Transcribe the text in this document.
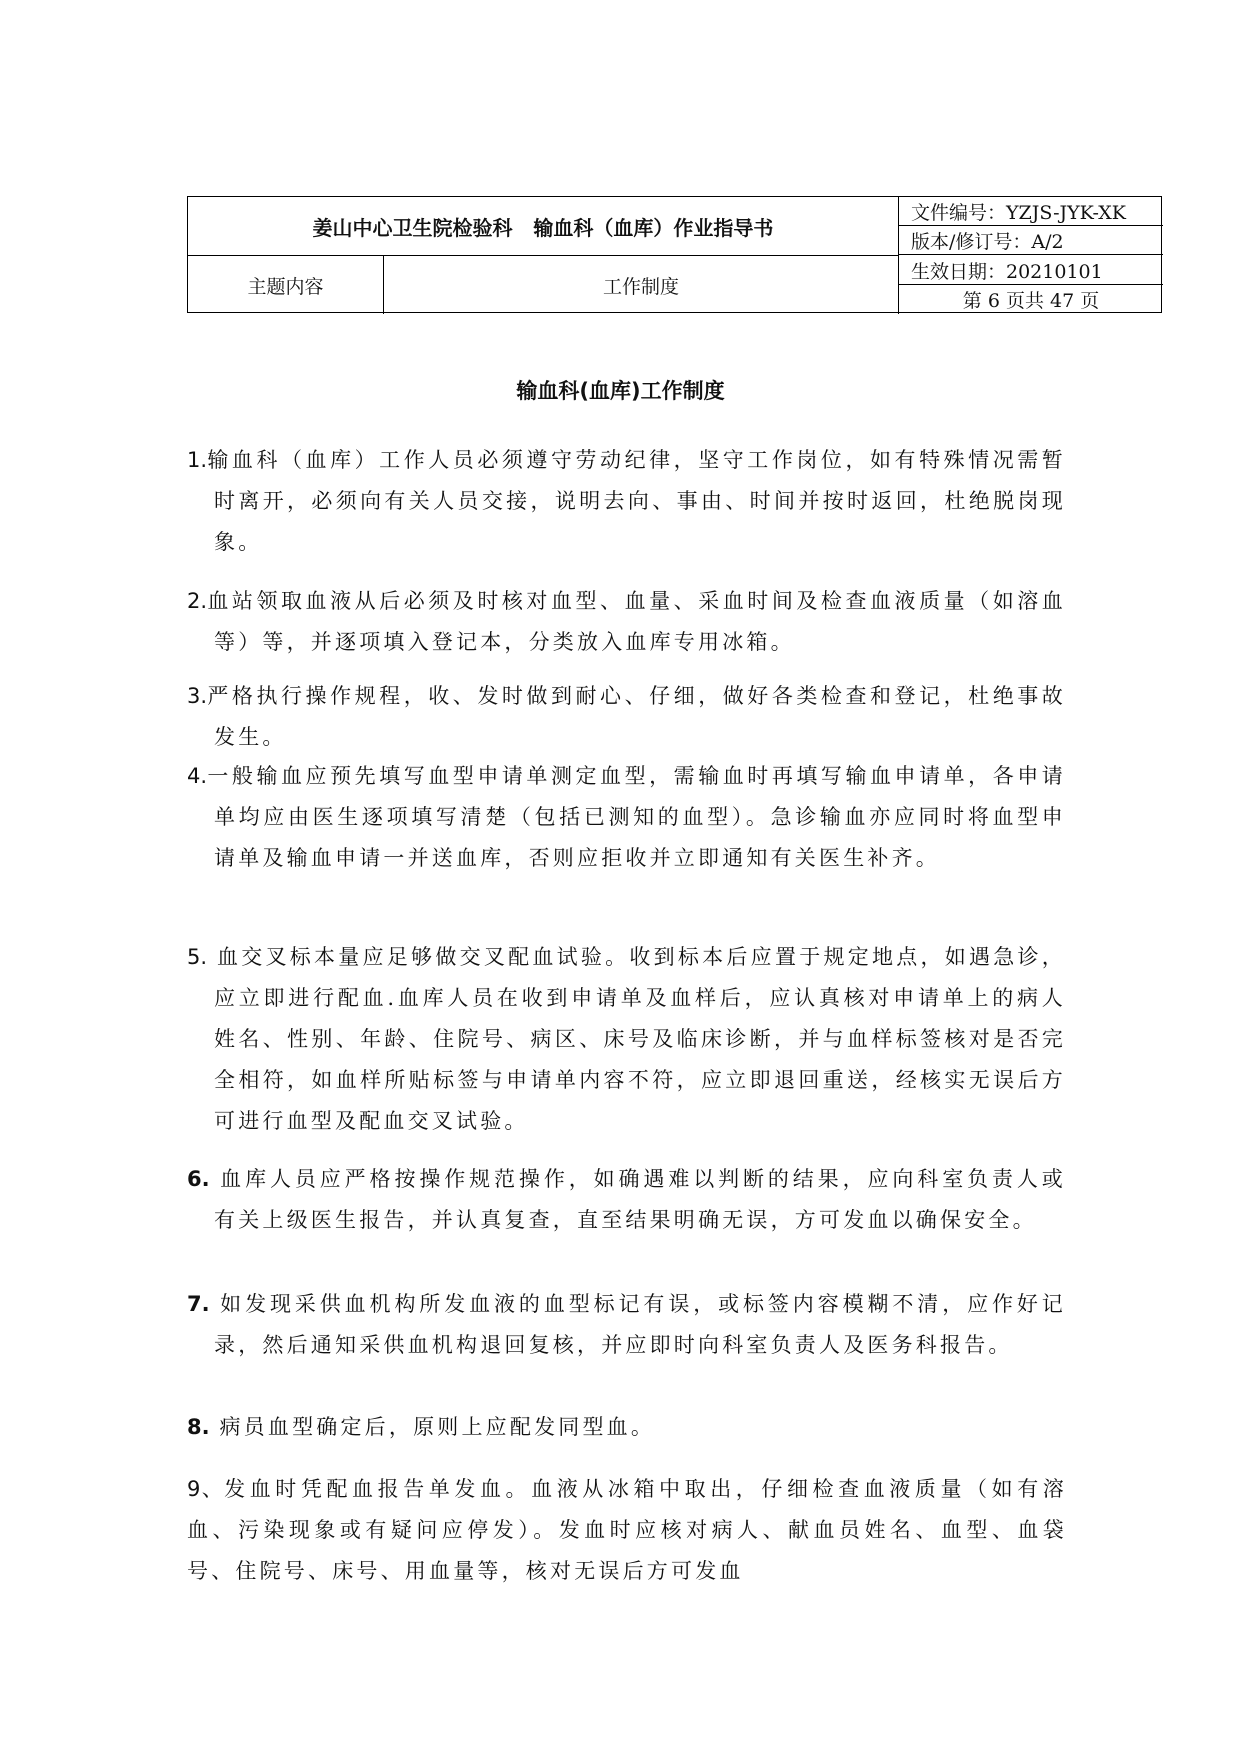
姜山中心卫生院检验科   输血科（血库）作业指导书
文件编号：YZJS-JYK-XK
版本/修订号：A/2
主题内容	工作制度
生效日期：20210101
第 6 页共 47 页
输血科(血库)工作制度
1.输血科（血库）工作人员必须遵守劳动纪律，坚守工作岗位，如有特殊情况需暂时离开，必须向有关人员交接，说明去向、事由、时间并按时返回，杜绝脱岗现象。
2.血站领取血液从后必须及时核对血型、血量、采血时间及检查血液质量（如溶血等）等，并逐项填入登记本，分类放入血库专用冰箱。
3.严格执行操作规程，收、发时做到耐心、仔细，做好各类检查和登记，杜绝事故发生。
4.一般输血应预先填写血型申请单测定血型，需输血时再填写输血申请单，各申请单均应由医生逐项填写清楚（包括已测知的血型）。急诊输血亦应同时将血型申请单及输血申请一并送血库，否则应拒收并立即通知有关医生补齐。
5. 血交叉标本量应足够做交叉配血试验。收到标本后应置于规定地点，如遇急诊，应立即进行配血.血库人员在收到申请单及血样后，应认真核对申请单上的病人姓名、性别、年龄、住院号、病区、床号及临床诊断，并与血样标签核对是否完全相符，如血样所贴标签与申请单内容不符，应立即退回重送，经核实无误后方可进行血型及配血交叉试验。
6. 血库人员应严格按操作规范操作，如确遇难以判断的结果，应向科室负责人或有关上级医生报告，并认真复查，直至结果明确无误，方可发血以确保安全。
7. 如发现采供血机构所发血液的血型标记有误，或标签内容模糊不清，应作好记录，然后通知采供血机构退回复核，并应即时向科室负责人及医务科报告。
8. 病员血型确定后，原则上应配发同型血。
9、发血时凭配血报告单发血。血液从冰箱中取出，仔细检查血液质量（如有溶血、污染现象或有疑问应停发）。发血时应核对病人、献血员姓名、血型、血袋号、住院号、床号、用血量等，核对无误后方可发血
